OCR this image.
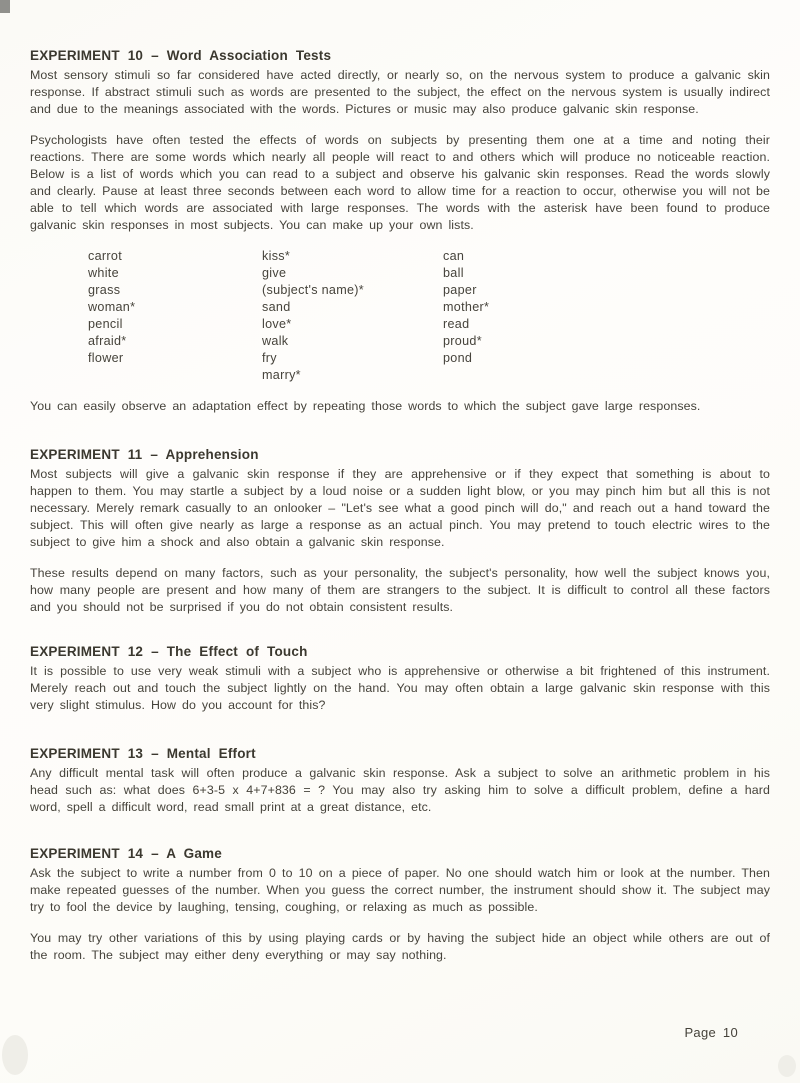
EXPERIMENT 10 – Word Association Tests

Most sensory stimuli so far considered have acted directly, or nearly so, on the nervous system to produce a galvanic skin response. If abstract stimuli such as words are presented to the subject, the effect on the nervous system is usually indirect and due to the meanings associated with the words. Pictures or music may also produce galvanic skin response.

Psychologists have often tested the effects of words on subjects by presenting them one at a time and noting their reactions. There are some words which nearly all people will react to and others which will produce no noticeable reaction. Below is a list of words which you can read to a subject and observe his galvanic skin responses. Read the words slowly and clearly. Pause at least three seconds between each word to allow time for a reaction to occur, otherwise you will not be able to tell which words are associated with large responses. The words with the asterisk have been found to produce galvanic skin responses in most subjects. You can make up your own lists.

carrot
white
grass
woman*
pencil
afraid*
flower
kiss*
give
(subject's name)*
sand
love*
walk
fry
marry*
can
ball
paper
mother*
read
proud*
pond

You can easily observe an adaptation effect by repeating those words to which the subject gave large responses.

EXPERIMENT 11 – Apprehension

Most subjects will give a galvanic skin response if they are apprehensive or if they expect that something is about to happen to them. You may startle a subject by a loud noise or a sudden light blow, or you may pinch him but all this is not necessary. Merely remark casually to an onlooker – "Let's see what a good pinch will do," and reach out a hand toward the subject. This will often give nearly as large a response as an actual pinch. You may pretend to touch electric wires to the subject to give him a shock and also obtain a galvanic skin response.

These results depend on many factors, such as your personality, the subject's personality, how well the subject knows you, how many people are present and how many of them are strangers to the subject. It is difficult to control all these factors and you should not be surprised if you do not obtain consistent results.

EXPERIMENT 12 – The Effect of Touch

It is possible to use very weak stimuli with a subject who is apprehensive or otherwise a bit frightened of this instrument. Merely reach out and touch the subject lightly on the hand. You may often obtain a large galvanic skin response with this very slight stimulus. How do you account for this?

EXPERIMENT 13 – Mental Effort

Any difficult mental task will often produce a galvanic skin response. Ask a subject to solve an arithmetic problem in his head such as: what does 6+3-5 x 4+7+836 = ? You may also try asking him to solve a difficult problem, define a hard word, spell a difficult word, read small print at a great distance, etc.

EXPERIMENT 14 – A Game

Ask the subject to write a number from 0 to 10 on a piece of paper. No one should watch him or look at the number. Then make repeated guesses of the number. When you guess the correct number, the instrument should show it. The subject may try to fool the device by laughing, tensing, coughing, or relaxing as much as possible.

You may try other variations of this by using playing cards or by having the subject hide an object while others are out of the room. The subject may either deny everything or may say nothing.

Page 10
